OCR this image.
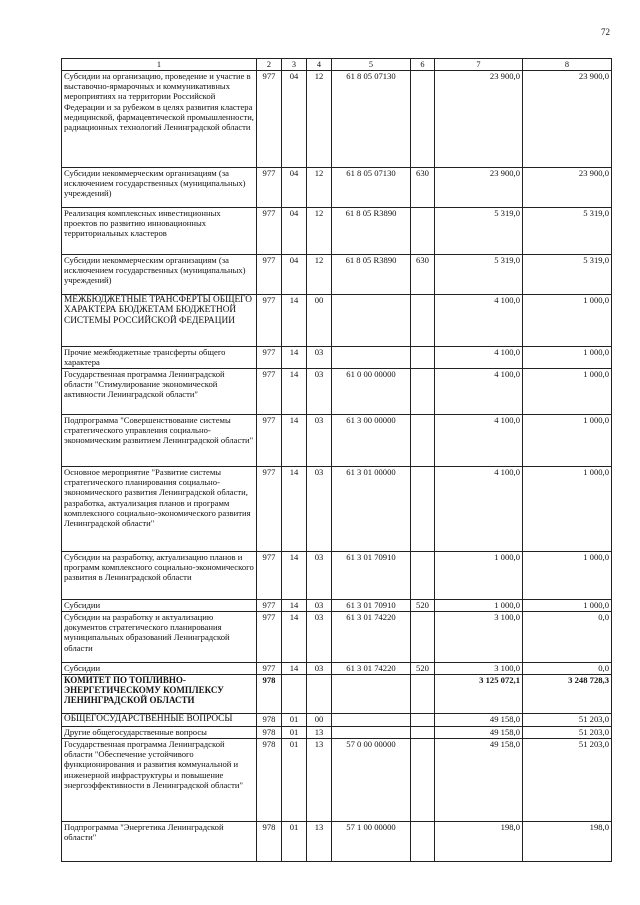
72
1	2	3	4	5	6	7	8
Субсидии на организацию, проведение и участие в выставочно-ярмарочных и коммуникативных мероприятиях на территории Российской Федерации и за рубежом в целях развития кластера медицинской, фармацевтической промышленности, радиационных технологий Ленинградской области	977	04	12	61 8 05 07130		23 900,0	23 900,0
Субсидии некоммерческим организациям (за исключением государственных (муниципальных) учреждений)	977	04	12	61 8 05 07130	630	23 900,0	23 900,0
Реализация комплексных инвестиционных проектов по развитию инновационных территориальных кластеров	977	04	12	61 8 05 R3890		5 319,0	5 319,0
Субсидии некоммерческим организациям (за исключением государственных (муниципальных) учреждений)	977	04	12	61 8 05 R3890	630	5 319,0	5 319,0
МЕЖБЮДЖЕТНЫЕ ТРАНСФЕРТЫ ОБЩЕГО ХАРАКТЕРА БЮДЖЕТАМ БЮДЖЕТНОЙ СИСТЕМЫ РОССИЙСКОЙ ФЕДЕРАЦИИ	977	14	00			4 100,0	1 000,0
Прочие межбюджетные трансферты общего характера	977	14	03			4 100,0	1 000,0
Государственная программа Ленинградской области "Стимулирование экономической активности Ленинградской области"	977	14	03	61 0 00 00000		4 100,0	1 000,0
Подпрограмма "Совершенствование системы стратегического управления социально-экономическим развитием Ленинградской области"	977	14	03	61 3 00 00000		4 100,0	1 000,0
Основное мероприятие "Развитие системы стратегического планирования социально-экономического развития Ленинградской области, разработка, актуализация планов и программ комплексного социально-экономического развития Ленинградской области"	977	14	03	61 3 01 00000		4 100,0	1 000,0
Субсидии на разработку, актуализацию планов и программ комплексного социально-экономического развития в Ленинградской области	977	14	03	61 3 01 70910		1 000,0	1 000,0
Субсидии	977	14	03	61 3 01 70910	520	1 000,0	1 000,0
Субсидии на разработку и актуализацию документов стратегического планирования муниципальных образований Ленинградской области	977	14	03	61 3 01 74220		3 100,0	0,0
Субсидии	977	14	03	61 3 01 74220	520	3 100,0	0,0
КОМИТЕТ ПО ТОПЛИВНО-ЭНЕРГЕТИЧЕСКОМУ КОМПЛЕКСУ ЛЕНИНГРАДСКОЙ ОБЛАСТИ	978					3 125 072,1	3 248 728,3
ОБЩЕГОСУДАРСТВЕННЫЕ ВОПРОСЫ	978	01	00			49 158,0	51 203,0
Другие общегосударственные вопросы	978	01	13			49 158,0	51 203,0
Государственная программа Ленинградской области "Обеспечение устойчивого функционирования и развития коммунальной и инженерной инфраструктуры и повышение энергоэффективности в Ленинградской области"	978	01	13	57 0 00 00000		49 158,0	51 203,0
Подпрограмма "Энергетика Ленинградской области"	978	01	13	57 1 00 00000		198,0	198,0
